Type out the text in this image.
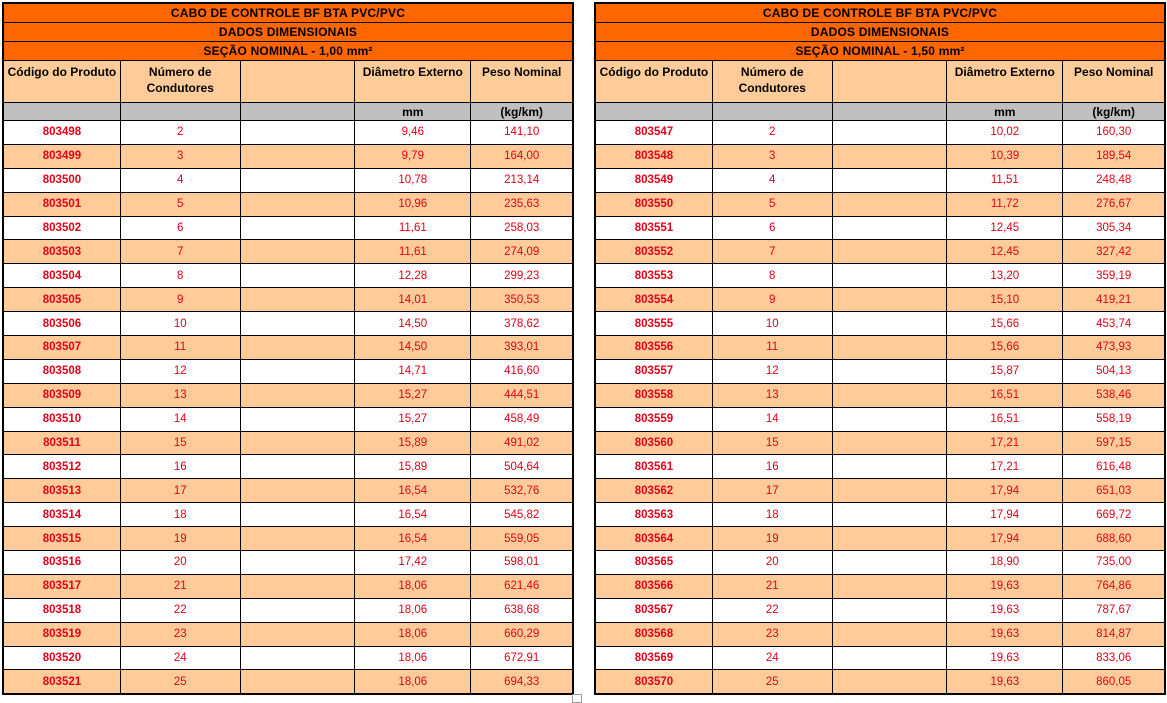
CABO DE CONTROLE BF BTA PVC/PVC				
DADOS DIMENSIONAIS				
SEÇÃO NOMINAL - 1,00 mm²				
Código do Produto	Número de Condutores		Diâmetro Externo	Peso Nominal
			mm	(kg/km)
803498	2		9,46	141,10
803499	3		9,79	164,00
803500	4		10,78	213,14
803501	5		10,96	235,63
803502	6		11,61	258,03
803503	7		11,61	274,09
803504	8		12,28	299,23
803505	9		14,01	350,53
803506	10		14,50	378,62
803507	11		14,50	393,01
803508	12		14,71	416,60
803509	13		15,27	444,51
803510	14		15,27	458,49
803511	15		15,89	491,02
803512	16		15,89	504,64
803513	17		16,54	532,76
803514	18		16,54	545,82
803515	19		16,54	559,05
803516	20		17,42	598,01
803517	21		18,06	621,46
803518	22		18,06	638,68
803519	23		18,06	660,29
803520	24		18,06	672,91
803521	25		18,06	694,33
CABO DE CONTROLE BF BTA PVC/PVC				
DADOS DIMENSIONAIS				
SEÇÃO NOMINAL - 1,50 mm²				
Código do Produto	Número de Condutores		Diâmetro Externo	Peso Nominal
			mm	(kg/km)
803547	2		10,02	160,30
803548	3		10,39	189,54
803549	4		11,51	248,48
803550	5		11,72	276,67
803551	6		12,45	305,34
803552	7		12,45	327,42
803553	8		13,20	359,19
803554	9		15,10	419,21
803555	10		15,66	453,74
803556	11		15,66	473,93
803557	12		15,87	504,13
803558	13		16,51	538,46
803559	14		16,51	558,19
803560	15		17,21	597,15
803561	16		17,21	616,48
803562	17		17,94	651,03
803563	18		17,94	669,72
803564	19		17,94	688,60
803565	20		18,90	735,00
803566	21		19,63	764,86
803567	22		19,63	787,67
803568	23		19,63	814,87
803569	24		19,63	833,06
803570	25		19,63	860,05
